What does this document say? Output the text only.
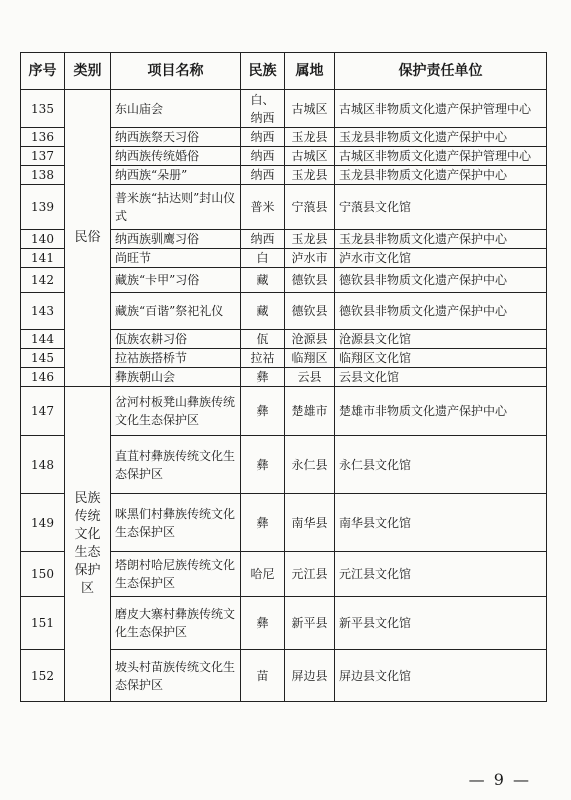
序号	类别	项目名称	民族	属地	保护责任单位
135	民俗	东山庙会	白、纳西	古城区	古城区非物质文化遗产保护管理中心
136		纳西族祭天习俗	纳西	玉龙县	玉龙县非物质文化遗产保护中心
137		纳西族传统婚俗	纳西	古城区	古城区非物质文化遗产保护管理中心
138		纳西族“朵册”	纳西	玉龙县	玉龙县非物质文化遗产保护中心
139		普米族“拈达则”封山仪式	普米	宁蒗县	宁蒗县文化馆
140		纳西族驯鹰习俗	纳西	玉龙县	玉龙县非物质文化遗产保护中心
141		尚旺节	白	泸水市	泸水市文化馆
142		藏族“卡甲”习俗	藏	德钦县	德钦县非物质文化遗产保护中心
143		藏族“百谐”祭祀礼仪	藏	德钦县	德钦县非物质文化遗产保护中心
144		佤族农耕习俗	佤	沧源县	沧源县文化馆
145		拉祜族搭桥节	拉祜	临翔区	临翔区文化馆
146		彝族朝山会	彝	云县	云县文化馆
147	民族传统文化生态保护区	岔河村板凳山彝族传统文化生态保护区	彝	楚雄市	楚雄市非物质文化遗产保护中心
148		直苴村彝族传统文化生态保护区	彝	永仁县	永仁县文化馆
149		咪黑们村彝族传统文化生态保护区	彝	南华县	南华县文化馆
150		塔朗村哈尼族传统文化生态保护区	哈尼	元江县	元江县文化馆
151		磨皮大寨村彝族传统文化生态保护区	彝	新平县	新平县文化馆
152		坡头村苗族传统文化生态保护区	苗	屏边县	屏边县文化馆
— 9 —
